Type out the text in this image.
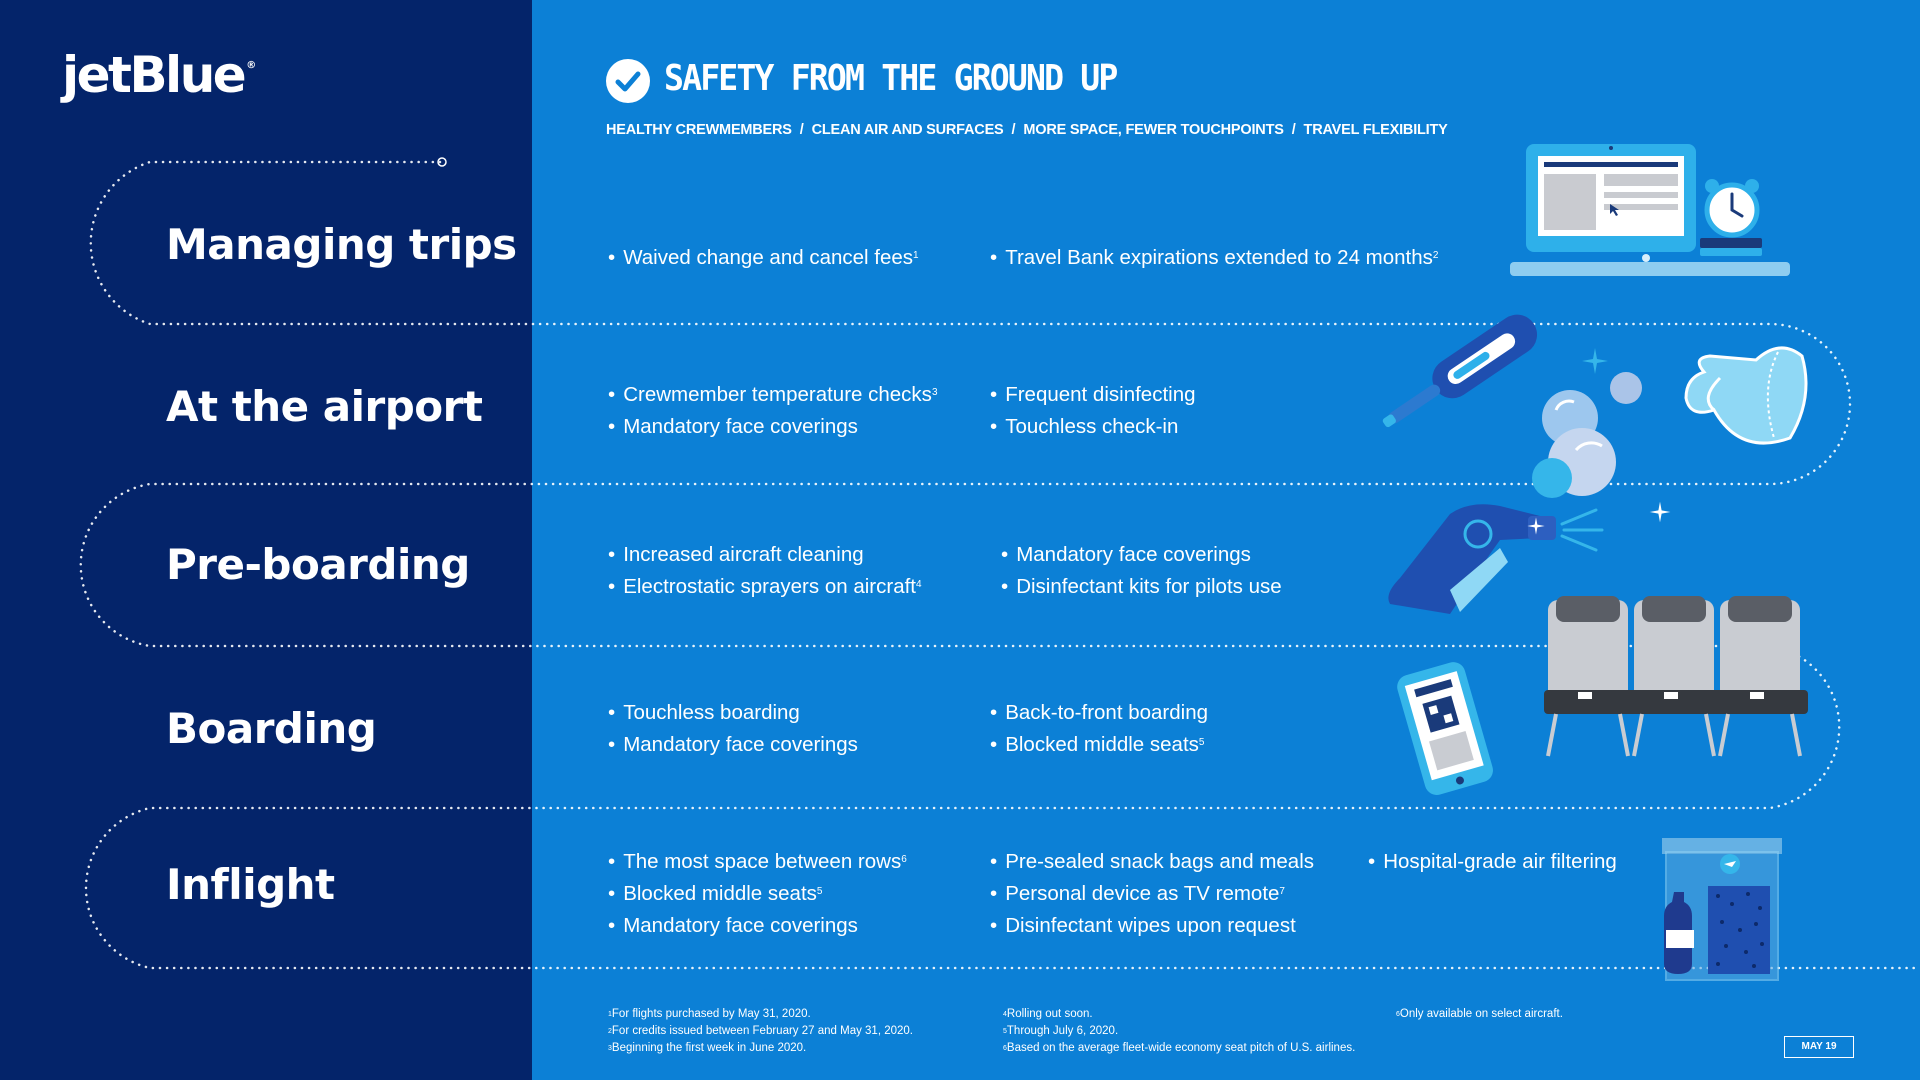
jetBlue ®
Managing trips
At the airport
Pre-boarding
Boarding
Inflight
SAFETY FROM THE GROUND UP
HEALTHY CREWMEMBERS / CLEAN AIR AND SURFACES / MORE SPACE, FEWER TOUCHPOINTS / TRAVEL FLEXIBILITY
• Waived change and cancel fees$^1$
•	Travel Bank expirations extended to 24 months$^2$
• Crewmember temperature checks$^3$
• Mandatory face coverings
• Frequent disinfecting
• Touchless check-in
• Increased aircraft cleaning
• Electrostatic sprayers on aircraft$^4$
• Mandatory face coverings
• Disinfectant kits for pilots use
• Touchless boarding
• Mandatory face coverings
• Back-to-front boarding
• Blocked middle seats$^5$
• The most space between rows$^6$
• Blocked middle seats$^5$
• Mandatory face coverings
• Pre-sealed snack bags and meals
• Personal device as TV remote$^7$
• Disinfectant wipes upon request
• Hospital-grade air filtering
$^1$For flights purchased by May 31, 2020.
$^2$For credits issued between February 27 and May 31, 2020.
$^3$Beginning the first week in June 2020.
$^4$Rolling out soon.
$^5$Through July 6, 2020.
$^6$Based on the average fleet-wide economy seat pitch of U.S. airlines.
$^6$Only available on select aircraft.
MAY 19
